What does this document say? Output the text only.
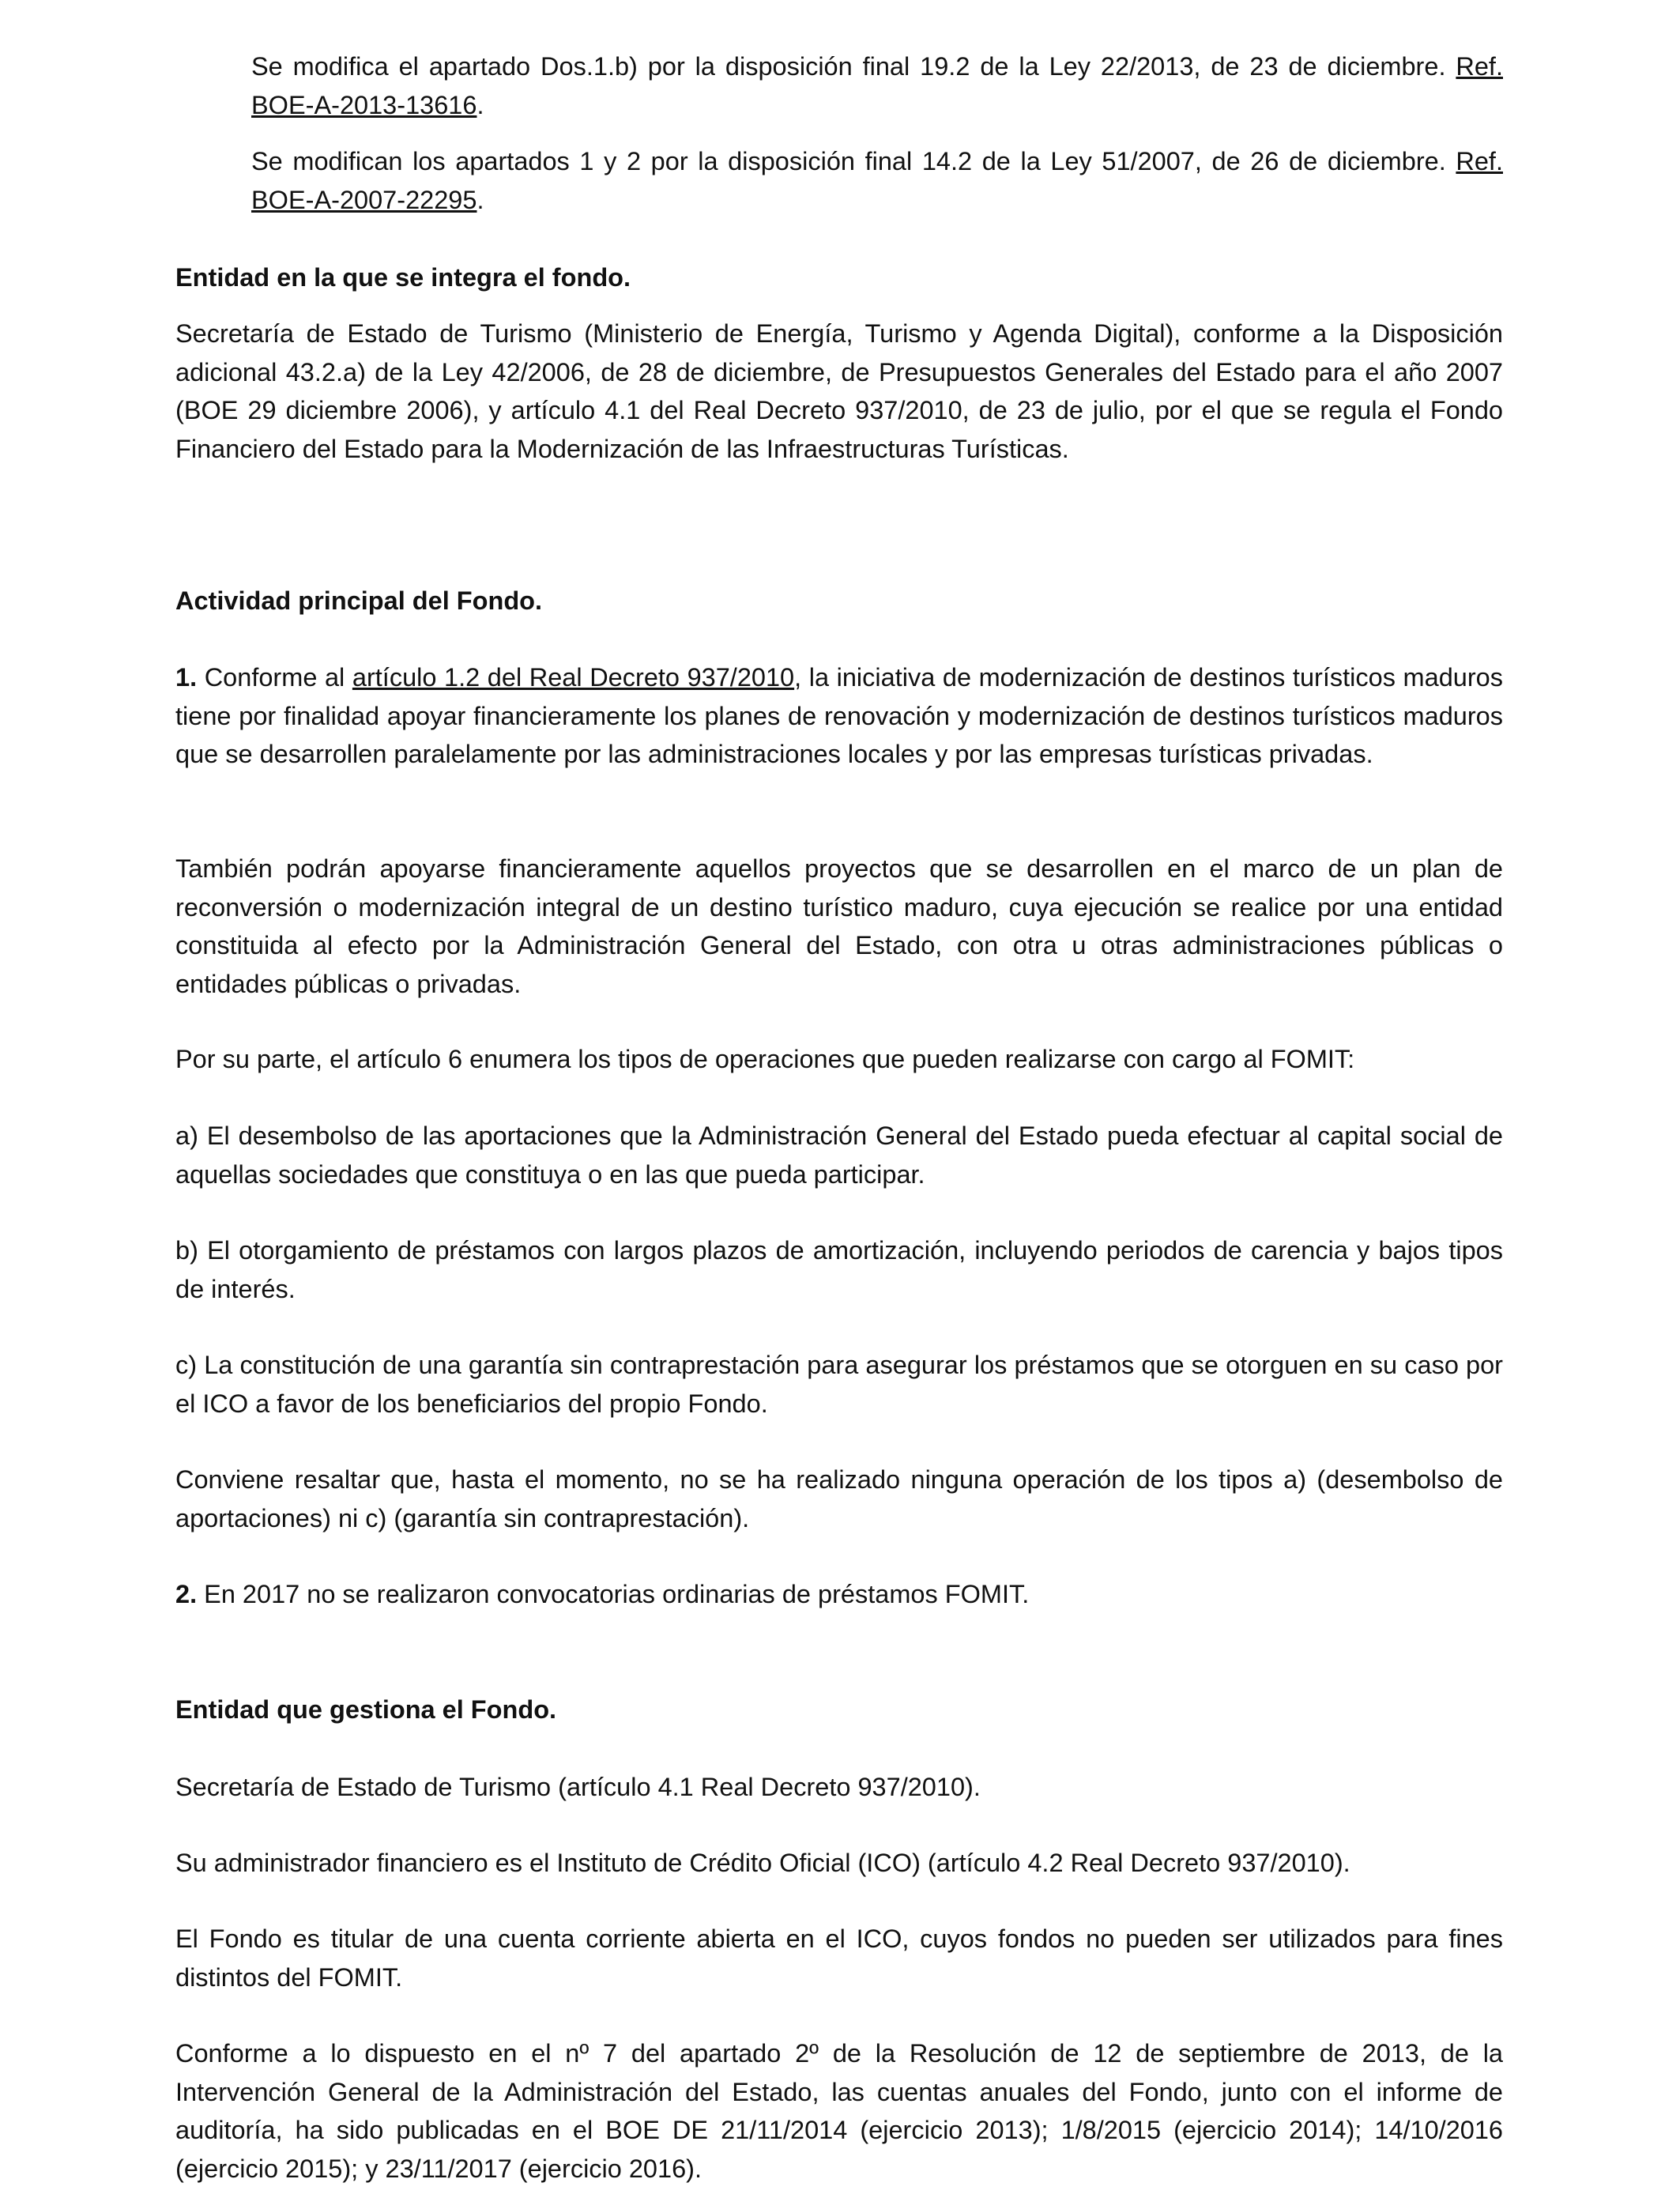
Se modifica el apartado Dos.1.b) por la disposición final 19.2 de la Ley 22/2013, de 23 de diciembre. Ref. BOE-A-2013-13616.

Se modifican los apartados 1 y 2 por la disposición final 14.2 de la Ley 51/2007, de 26 de diciembre. Ref. BOE-A-2007-22295.

Entidad en la que se integra el fondo.

Secretaría de Estado de Turismo (Ministerio de Energía, Turismo y Agenda Digital), conforme a la Disposición adicional 43.2.a) de la Ley 42/2006, de 28 de diciembre, de Presupuestos Generales del Estado para el año 2007 (BOE 29 diciembre 2006), y artículo 4.1 del Real Decreto 937/2010, de 23 de julio, por el que se regula el Fondo Financiero del Estado para la Modernización de las Infraestructuras Turísticas.

Actividad principal del Fondo.

1. Conforme al artículo 1.2 del Real Decreto 937/2010, la iniciativa de modernización de destinos turísticos maduros tiene por finalidad apoyar financieramente los planes de renovación y modernización de destinos turísticos maduros que se desarrollen paralelamente por las administraciones locales y por las empresas turísticas privadas.

También podrán apoyarse financieramente aquellos proyectos que se desarrollen en el marco de un plan de reconversión o modernización integral de un destino turístico maduro, cuya ejecución se realice por una entidad constituida al efecto por la Administración General del Estado, con otra u otras administraciones públicas o entidades públicas o privadas.

Por su parte, el artículo 6 enumera los tipos de operaciones que pueden realizarse con cargo al FOMIT:

a) El desembolso de las aportaciones que la Administración General del Estado pueda efectuar al capital social de aquellas sociedades que constituya o en las que pueda participar.

b) El otorgamiento de préstamos con largos plazos de amortización, incluyendo periodos de carencia y bajos tipos de interés.

c) La constitución de una garantía sin contraprestación para asegurar los préstamos que se otorguen en su caso por el ICO a favor de los beneficiarios del propio Fondo.

Conviene resaltar que, hasta el momento, no se ha realizado ninguna operación de los tipos a) (desembolso de aportaciones) ni c) (garantía sin contraprestación).

2. En 2017 no se realizaron convocatorias ordinarias de préstamos FOMIT.

Entidad que gestiona el Fondo.

Secretaría de Estado de Turismo (artículo 4.1 Real Decreto 937/2010).

Su administrador financiero es el Instituto de Crédito Oficial (ICO) (artículo 4.2 Real Decreto 937/2010).

El Fondo es titular de una cuenta corriente abierta en el ICO, cuyos fondos no pueden ser utilizados para fines distintos del FOMIT.

Conforme a lo dispuesto en el nº 7 del apartado 2º de la Resolución de 12 de septiembre de 2013, de la Intervención General de la Administración del Estado, las cuentas anuales del Fondo, junto con el informe de auditoría, ha sido publicadas en el BOE DE 21/11/2014 (ejercicio 2013); 1/8/2015 (ejercicio 2014); 14/10/2016 (ejercicio 2015); y 23/11/2017 (ejercicio 2016).
